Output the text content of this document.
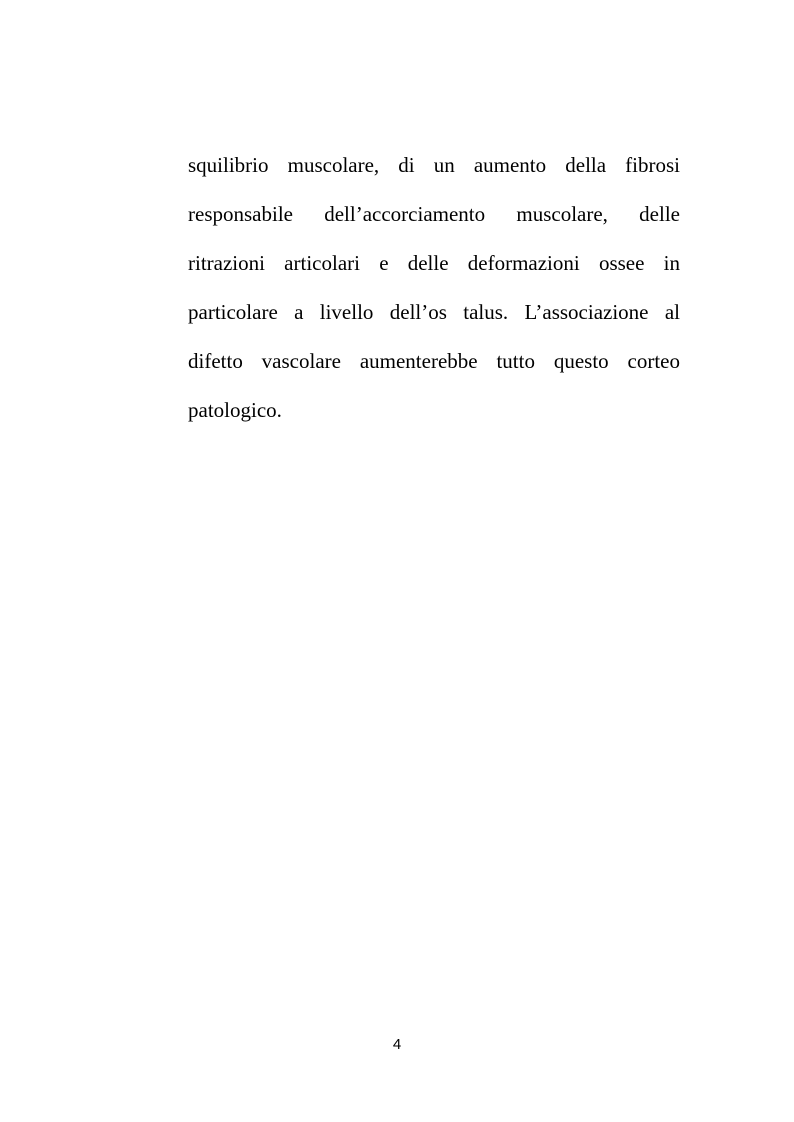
squilibrio muscolare, di un aumento della fibrosi
responsabile dell’accorciamento muscolare, delle
ritrazioni articolari e delle deformazioni ossee in
particolare a livello dell’os talus. L’associazione al
difetto vascolare aumenterebbe tutto questo corteo
patologico.
4
